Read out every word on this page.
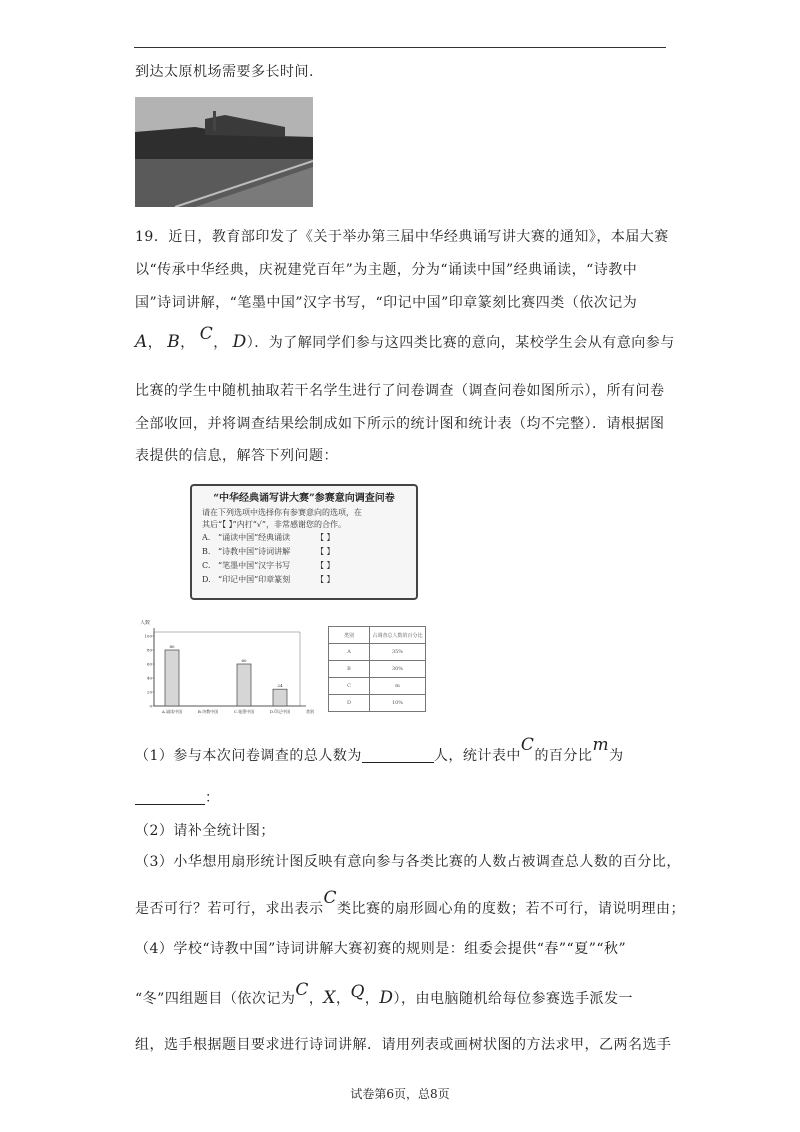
到达太原机场需要多长时间.
19．近日，教育部印发了《关于举办第三届中华经典诵写讲大赛的通知》，本届大赛
以“传承中华经典，庆祝建党百年”为主题，分为“诵读中国”经典诵读，“诗教中
国”诗词讲解，“笔墨中国”汉字书写，“印记中国”印章篆刻比赛四类（依次记为
A， B， C， D）．为了解同学们参与这四类比赛的意向，某校学生会从有意向参与
比赛的学生中随机抽取若干名学生进行了问卷调查（调查问卷如图所示），所有问卷
全部收回，并将调查结果绘制成如下所示的统计图和统计表（均不完整）．请根据图
表提供的信息，解答下列问题：
“中华经典诵写讲大赛”参赛意向调查问卷
请在下列选项中选择你有参赛意向的选项，在
其后“【 】”内打“√”，非常感谢您的合作。
A. “诵读中国”经典诵读	【 】
B. “诗教中国”诗词讲解	【 】
C. “笔墨中国”汉字书写	【 】
D. “印记中国”印章篆刻	【 】
人数
0
20
40
60
80
100
A.诵读中国
80
B.诗教中国	C.笔墨中国
60
D.印记中国
24
类别
类别	占调查总人数的百分比
A	35%
B	30%
C	m
D	10%
（1）参与本次问卷调查的总人数为	人，统计表中C的百分比m为
：
（2）请补全统计图；
（3）小华想用扇形统计图反映有意向参与各类比赛的人数占被调查总人数的百分比，
是否可行？若可行，求出表示C类比赛的扇形圆心角的度数；若不可行，请说明理由；
（4）学校“诗教中国”诗词讲解大赛初赛的规则是：组委会提供“春”“夏”“秋”
“冬”四组题目（依次记为C，X，Q，D），由电脑随机给每位参赛选手派发一
组，选手根据题目要求进行诗词讲解．请用列表或画树状图的方法求甲，乙两名选手
试卷第6页，总8页
